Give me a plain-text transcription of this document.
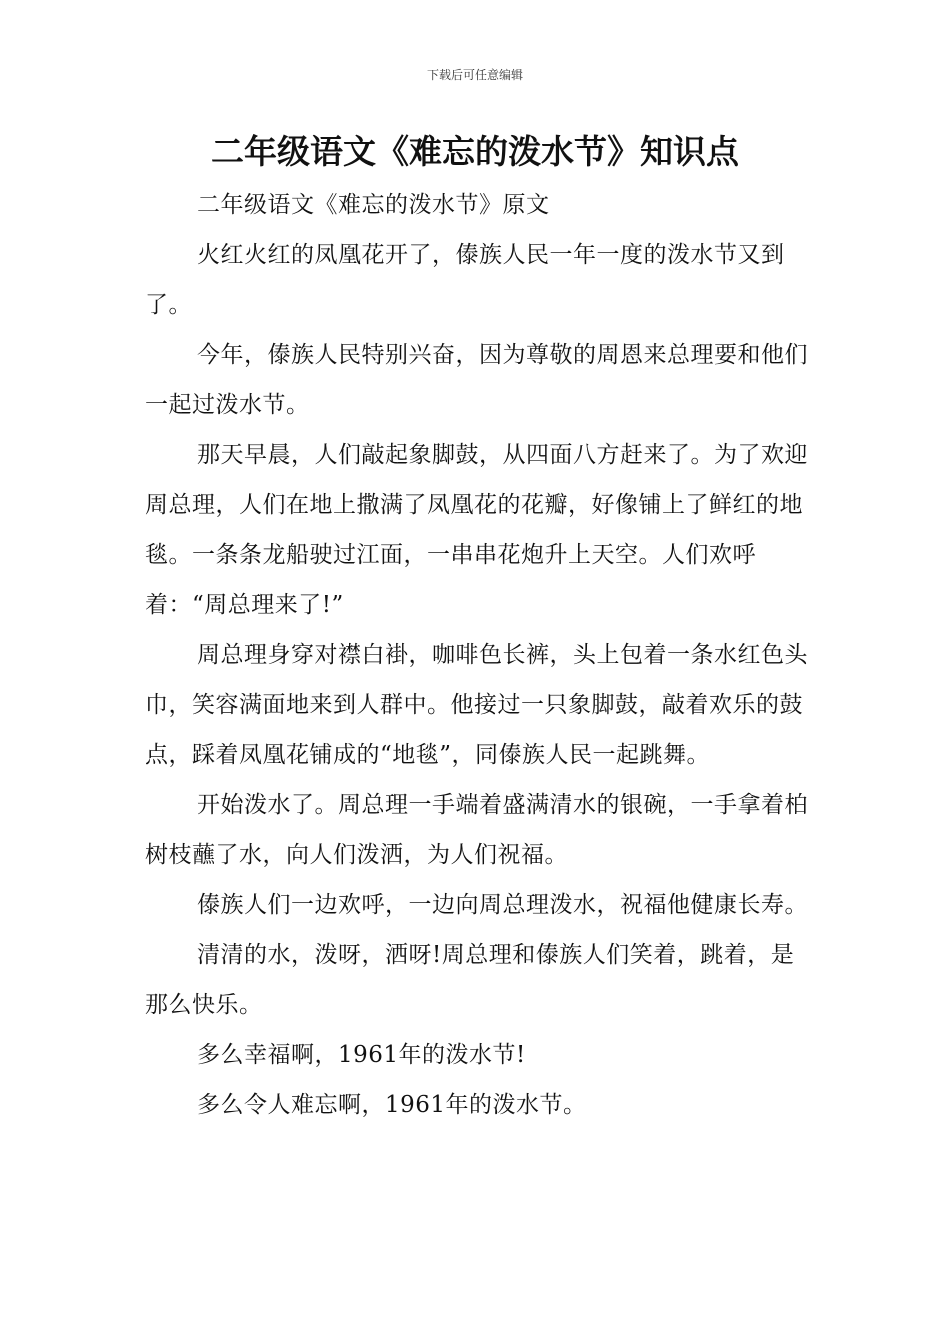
下载后可任意编辑
二年级语文《难忘的泼水节》知识点

二年级语文《难忘的泼水节》原文

火红火红的凤凰花开了，傣族人民一年一度的泼水节又到了。

今年，傣族人民特别兴奋，因为尊敬的周恩来总理要和他们一起过泼水节。

那天早晨，人们敲起象脚鼓，从四面八方赶来了。为了欢迎周总理，人们在地上撒满了凤凰花的花瓣，好像铺上了鲜红的地毯。一条条龙船驶过江面，一串串花炮升上天空。人们欢呼着：“周总理来了!”

周总理身穿对襟白褂，咖啡色长裤，头上包着一条水红色头巾，笑容满面地来到人群中。他接过一只象脚鼓，敲着欢乐的鼓点，踩着凤凰花铺成的“地毯”，同傣族人民一起跳舞。

开始泼水了。周总理一手端着盛满清水的银碗，一手拿着柏树枝蘸了水，向人们泼洒，为人们祝福。

傣族人们一边欢呼，一边向周总理泼水，祝福他健康长寿。

清清的水，泼呀，洒呀!周总理和傣族人们笑着，跳着，是那么快乐。

多么幸福啊，1961年的泼水节!

多么令人难忘啊，1961年的泼水节。
